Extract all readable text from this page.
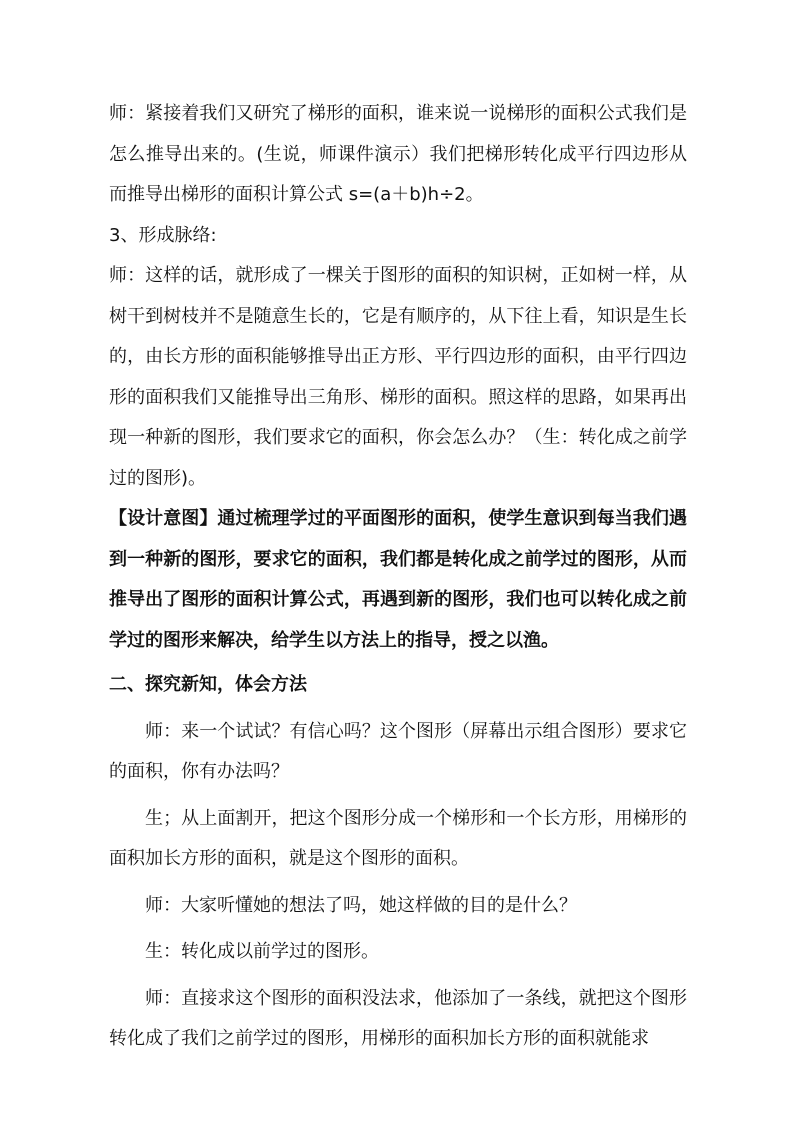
师：紧接着我们又研究了梯形的面积，谁来说一说梯形的面积公式我们是怎么推导出来的。(生说，师课件演示）我们把梯形转化成平行四边形从而推导出梯形的面积计算公式 s=(a＋b)h÷2。

3、形成脉络:

师：这样的话，就形成了一棵关于图形的面积的知识树，正如树一样，从树干到树枝并不是随意生长的，它是有顺序的，从下往上看，知识是生长的，由长方形的面积能够推导出正方形、平行四边形的面积，由平行四边形的面积我们又能推导出三角形、梯形的面积。照这样的思路，如果再出现一种新的图形，我们要求它的面积，你会怎么办？（生：转化成之前学过的图形)。

【设计意图】通过梳理学过的平面图形的面积，使学生意识到每当我们遇到一种新的图形，要求它的面积，我们都是转化成之前学过的图形，从而推导出了图形的面积计算公式，再遇到新的图形，我们也可以转化成之前学过的图形来解决，给学生以方法上的指导，授之以渔。

二、探究新知，体会方法

师：来一个试试？有信心吗？这个图形（屏幕出示组合图形）要求它的面积，你有办法吗？

生；从上面割开，把这个图形分成一个梯形和一个长方形，用梯形的面积加长方形的面积，就是这个图形的面积。

师：大家听懂她的想法了吗，她这样做的目的是什么？

生：转化成以前学过的图形。

师：直接求这个图形的面积没法求，他添加了一条线，就把这个图形转化成了我们之前学过的图形，用梯形的面积加长方形的面积就能求
